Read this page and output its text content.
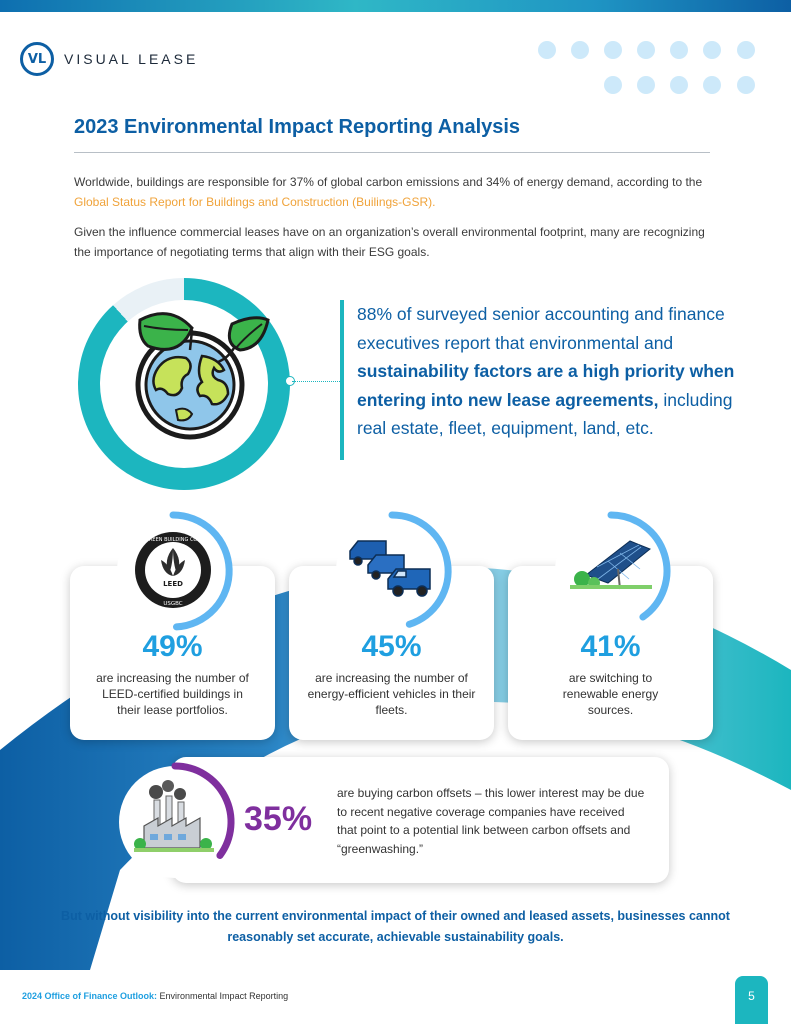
VL	VISUAL LEASE
2023 Environmental Impact Reporting Analysis

Worldwide, buildings are responsible for 37% of global carbon emissions and 34% of energy demand, according to the Global Status Report for Buildings and Construction (Builings-GSR).

Given the influence commercial leases have on an organization’s overall environmental footprint, many are recognizing the importance of negotiating terms that align with their ESG goals.

88% of surveyed senior accounting and finance executives report that environmental and sustainability factors are a high priority when entering into new lease agreements, including real estate, fleet, equipment, land, etc.

LEED
U.S. GREEN BUILDING COUNCIL
USGBC
49%
are increasing the number of LEED-certified buildings in their lease portfolios.
45%
are increasing the number of energy-efficient vehicles in their fleets.
41%
are switching to renewable energy sources.
35%
are buying carbon offsets – this lower interest may be due to recent negative coverage companies have received that point to a potential link between carbon offsets and “greenwashing.”
But without visibility into the current environmental impact of their owned and leased assets, businesses cannot reasonably set accurate, achievable sustainability goals.
2024 Office of Finance Outlook: Environmental Impact Reporting	5
